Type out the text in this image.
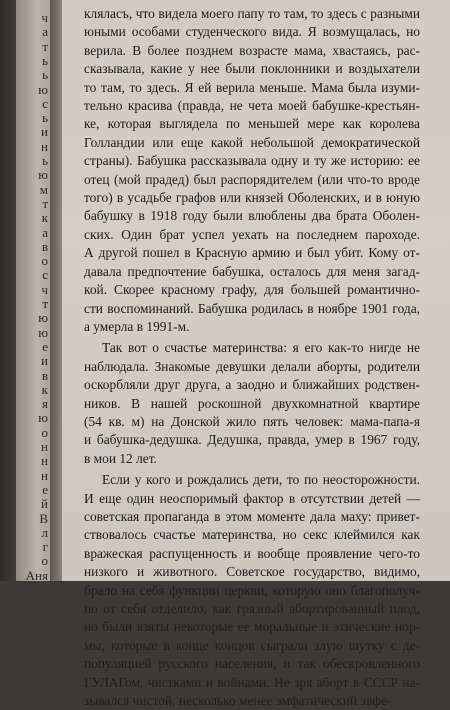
ч
а
т
ь
ь
ю
с
ь
и
н
ь
ю
м
т
к
а
в
о
с
ч
т
ю
ю
е
и
в
к
я
ю
о
н
н
н
е
й
В
л
г
о
Аня
кляласъ, что видела моего папу то там, то здесь с разными
юными особами студенческого вида. Я возмущалась, но
верила. В более позднем возрасте мама, хвастаясь, рас-
сказывала, какие у нее были поклонники и воздыхатели
то там, то здесь. Я ей верила меньше. Мама была изуми-
тельно красива (правда, не чета моей бабушке-крестьян-
ке, которая выглядела по меньшей мере как королева
Голландии или еще какой небольшой демократической
страны). Бабушка рассказывала одну и ту же историю: ее
отец (мой прадед) был распорядителем (или что-то вроде
того) в усадьбе графов или князей Оболенских, и в юную
бабушку в 1918 году были влюблены два брата Оболен-
ских. Один брат успел уехать на последнем пароходе.
А другой пошел в Красную армию и был убит. Кому от-
давала предпочтение бабушка, осталось для меня загад-
кой. Скорее красному графу, для большей романтично-
сти воспоминаний. Бабушка родилась в ноябре 1901 года,
а умерла в 1991-м.
Так вот о счастье материнства: я его как-то нигде не
наблюдала. Знакомые девушки делали аборты, родители
оскорбляли друг друга, а заодно и ближайших родствен-
ников. В нашей роскошной двухкомнатной квартире
(54 кв. м) на Донской жило пять человек: мама-папа-я
и бабушка-дедушка. Дедушка, правда, умер в 1967 году,
в мои 12 лет.
Если у кого и рождались дети, то по неосторожности.
И еще один неоспоримый фактор в отсутствии детей —
советская пропаганда в этом моменте дала маху: привет-
ствовалось счастье материнства, но секс клеймился как
вражеская распущенность и вообще проявление чего-то
низкого и животного. Советское государство, видимо,
брало на себя функции церкви, которую оно благополуч-
но от себя отделило, как грязный абортированный плод,
но были взяты некоторые ее моральные и этические нор-
мы, которые в конце концов сыграли злую шутку с де-
популяцией русского населения, и так обескровленного
ГУЛАГом, чистками и войнами. Не зря аборт в СССР на-
зывался чистой, несколько менее эмфатический эвфе-
